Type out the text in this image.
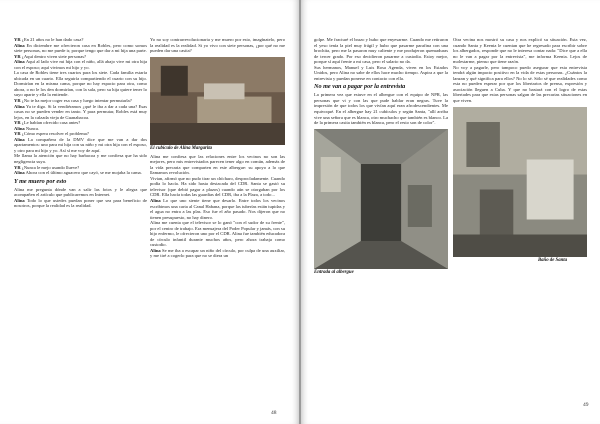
YR ¿En 21 años no le han dado casa?

Alina En diciembre me ofrecieron casa en Robles, pero como somos siete personas, no me puede ir, porque tengo que dar a mi hija una parte.

YR ¿Aquí dentro viven siete personas?

Alina Aquí al lado vive mi hija con el niño, allá abajo vive mi otra hija con el esposo; aquí vivimos mi hijo y yo.

La casa de Robles tiene tres cuartos para los siete. Cada familia estaría ubicada en un cuarto. Ella seguiría compartiendo el cuarto con su hijo. Dormirían en la misma cama, porque no hay espacio para otra, como ahora, o no le los den dormirían, con la sala, pero su hija quiere tener lo suyo aparte y ella la entiende.

YR ¿No te ha mejor coger esa casa y luego intentar permutarla?

Alina Ya te digo. Si la vendiéramos ¿qué le iba a dar a cada una? Esas casas no se pueden vender en tanto. Y para permutar, Robles está muy lejos, en la calzada vieja de Guanabacoa.

YR ¿Le habían ofrecido casa antes?

Alina Nunca.

YR ¿Cómo espera resolver el problema?

Alina La compañera de la DMV dice que me van a dar dos apartamentos: uno para mi hija con su niño y mi otra hija con el esposo, y otro para mi hijo y yo. Así sí me voy de aquí.

Me llama la atención que no hay barbacoa y me confiesa que ha sido negligencia suya.

YR ¿Nunca le mejo usando llueve?

Alina Ahora con el último aguacero que cayó, se me mojaba la cama.

Y me muero por esto

Alina me pregunta dónde van a salir las fotos y le alegra que acompañen el artículo que publicaremos en Internet.

Alina Todo lo que ustedes puedan poner que sea para beneficio de nosotros, porque la realidad es la realidad.

Yo no soy contrarrevolucionaria y me muero por esto, imagínatelo, pero la realidad es la realidad. Si yo vivo con siete personas, ¿por qué no me pueden dar una casita?

El cubículo de Alina Margarita

Alina me confiesa que las relaciones entre los vecinos no son las mejores, pero mis entrevistados parecen tener algo en común, además de la vida precaria que comparten en este albergue: su apoyo a lo que llamamos revolución.

Vivian, afirmó que no pudo tirar un chícharo, desprocladamente. Cuando podía lo hacía. Ha sido hasta destacada del CDR. Santa se gastó su televisor (que debió pagar a plazos) cuando aún se otorgaban por los CDR. Ella hacía todas las guardias del CDR, iba a la Plaza, a todo...

Alina Lo que uno siente tiene que desarlo. Entre todos los vecinos escribimos una carta al Canal Habana, porque las tuberías están tupidas y el agua no entra a las plas. Eso fue el año pasado. Nos dijeron que no tienen presupuesto, no hay dinero.

Alina me cuenta que el televisor se lo ganó "con el sudor de su frente", por el centro de trabajo. Era mensajera del Poder Popular y jamás, con su hijo enfermo, le ofrecieron uno por el CDR. Alina fue también educadora de círculo infantil durante muchos años, pero ahora trabaja como custodio.

Alina Se me iba a escapar un niño del círculo, por culpa de una auxiliar, y me tiré a cogerlo para que no se diera un

48

golpe. Me fracturé el brazo y hubo que enyesarme. Cuando me retiraron el yeso tenía la piel muy frágil y hubo que pasarme parafina con una brochita, pero me la pasaron muy caliente y me produjeron quemaduras de tercer grado. Por eso decidieron pasarme a custodia. Estoy mejor, porque sí aquí frente a mi casa, pero el salario no da.

Sus hermanos, Manuel y Luis Rosa Agenda, viven en los Estados Unidos, pero Alina no sabe de ellos hace mucho tiempo. Aspira a que la entrevista y puedan ponerse en contacto con ella.

No me van a pagar por la entrevista

La primera vez que estuve en el albergue con el equipo de NPR, las personas que vi y con las que pude hablar eran negras. Tuve la impresión de que todos los que vivían aquí eran afrodescendientes. Me equivoqué. En el albergue hay 21 cubículos y según Santa, "allí arriba vive una señora que es blanca, otro muchacho que también es blanco. La de la primera casita también es blanca, pero el resto son de color".

Entrada al albergue

Otra vecina nos mostró su casa y nos explicó su situación. Esta vez, cuando Santa y Keenia le cuentan que he regresado para escribir sobre los albergados, responde que no le interesa contar nada: "Dice que a ella no le van a pagar por la entrevista", me informa Keenia. Lejos de molestarme, pienso que tiene razón.

No voy a pagarle, pero tampoco puedo asegurar que esta entrevista tendrá algún impacto positivo en la vida de estas personas. ¿Cuántos la lanzan y qué significa para ellos? No lo sé. Sólo sé que realidades como esta no pueden esperar por que los libertarios de prensa, expresión y asociación lleguen a Cuba. Y que no bastará con el logro de estas libertades para que estas personas salgan de las precarias situaciones en que viven.

Baño de Santa
49
